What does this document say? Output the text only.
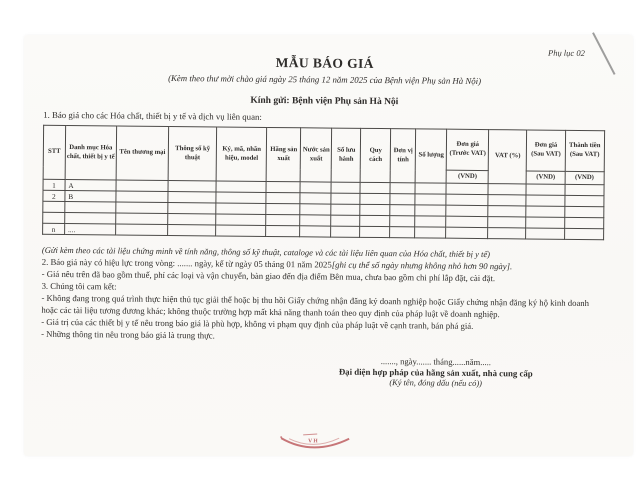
Phụ lục 02
MẪU BÁO GIÁ
(Kèm theo thư mời chào giá ngày 25 tháng 12 năm 2025 của Bệnh viện Phụ sản Hà Nội)
Kính gửi: Bệnh viện Phụ sản Hà Nội
1. Báo giá cho các Hóa chất, thiết bị y tế và dịch vụ liên quan:
STT	Danh mục Hóa chất, thiết bị y tế	Tên thương mại	Thông số kỹ thuật	Ký, mã, nhãn hiệu, model	Hãng sản xuất	Nước sản xuất	Số lưu hành	Quy cách	Đơn vị tính	Số lượng	Đơn giá (Trước VAT)	VAT (%)	Đơn giá (Sau VAT)	Thành tiền (Sau VAT)
											(VND)		(VND)	(VND)
1	A													
2	B													

n	....													
(Gửi kèm theo các tài liệu chứng minh về tính năng, thông số kỹ thuật, cataloge và các tài liệu liên quan của Hóa chất, thiết bị y tế)

2. Báo giá này có hiệu lực trong vòng: ....... ngày, kể từ ngày 05 tháng 01 năm 2025[ghi cụ thể số ngày nhưng không nhỏ hơn 90 ngày].

- Giá nêu trên đã bao gồm thuế, phí các loại và vận chuyển, bàn giao đến địa điểm Bên mua, chưa bao gồm chi phí lắp đặt, cài đặt.

3. Chúng tôi cam kết:

- Không đang trong quá trình thực hiện thủ tục giải thể hoặc bị thu hồi Giấy chứng nhận đăng ký doanh nghiệp hoặc Giấy chứng nhận đăng ký hộ kinh doanh hoặc các tài liệu tương đương khác; không thuộc trường hợp mất khả năng thanh toán theo quy định của pháp luật về doanh nghiệp.

- Giá trị của các thiết bị y tế nêu trong báo giá là phù hợp, không vi phạm quy định của pháp luật về cạnh tranh, bán phá giá.

- Những thông tin nêu trong báo giá là trung thực.

......., ngày....... tháng......năm.....
Đại diện hợp pháp của hãng sản xuất, nhà cung cấp
(Ký tên, đóng dấu (nếu có))
V H
